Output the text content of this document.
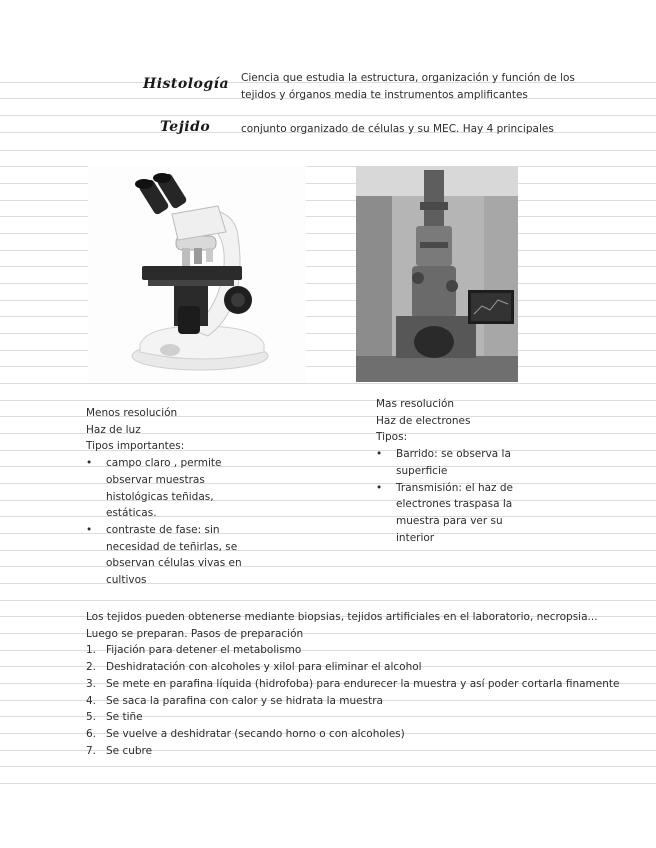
Histología Ciencia que estudia la estructura, organización y función de los tejidos y órganos media te instrumentos amplificantes
Tejido	conjunto organizado de células y su MEC. Hay 4 principales
Menos resolución
Haz de luz
Tipos importantes:
• campo claro , permite observar muestras histológicas teñidas, estáticas.
• contraste de fase: sin necesidad de teñirlas, se observan células vivas en cultivos
Mas resolución
Haz de electrones
Tipos:
• Barrido: se observa la superficie
• Transmisión: el haz de electrones traspasa la muestra para ver su interior
Los tejidos pueden obtenerse mediante biopsias, tejidos artificiales en el laboratorio, necropsia...
Luego se preparan. Pasos de preparación
1. Fijación para detener el metabolismo
2. Deshidratación con alcoholes y xilol para eliminar el alcohol
3. Se mete en parafina líquida (hidrofoba) para endurecer la muestra y así poder cortarla finamente
4. Se saca la parafina con calor y se hidrata la muestra
5. Se tiñe
6. Se vuelve a deshidratar (secando horno o con alcoholes)
7. Se cubre
